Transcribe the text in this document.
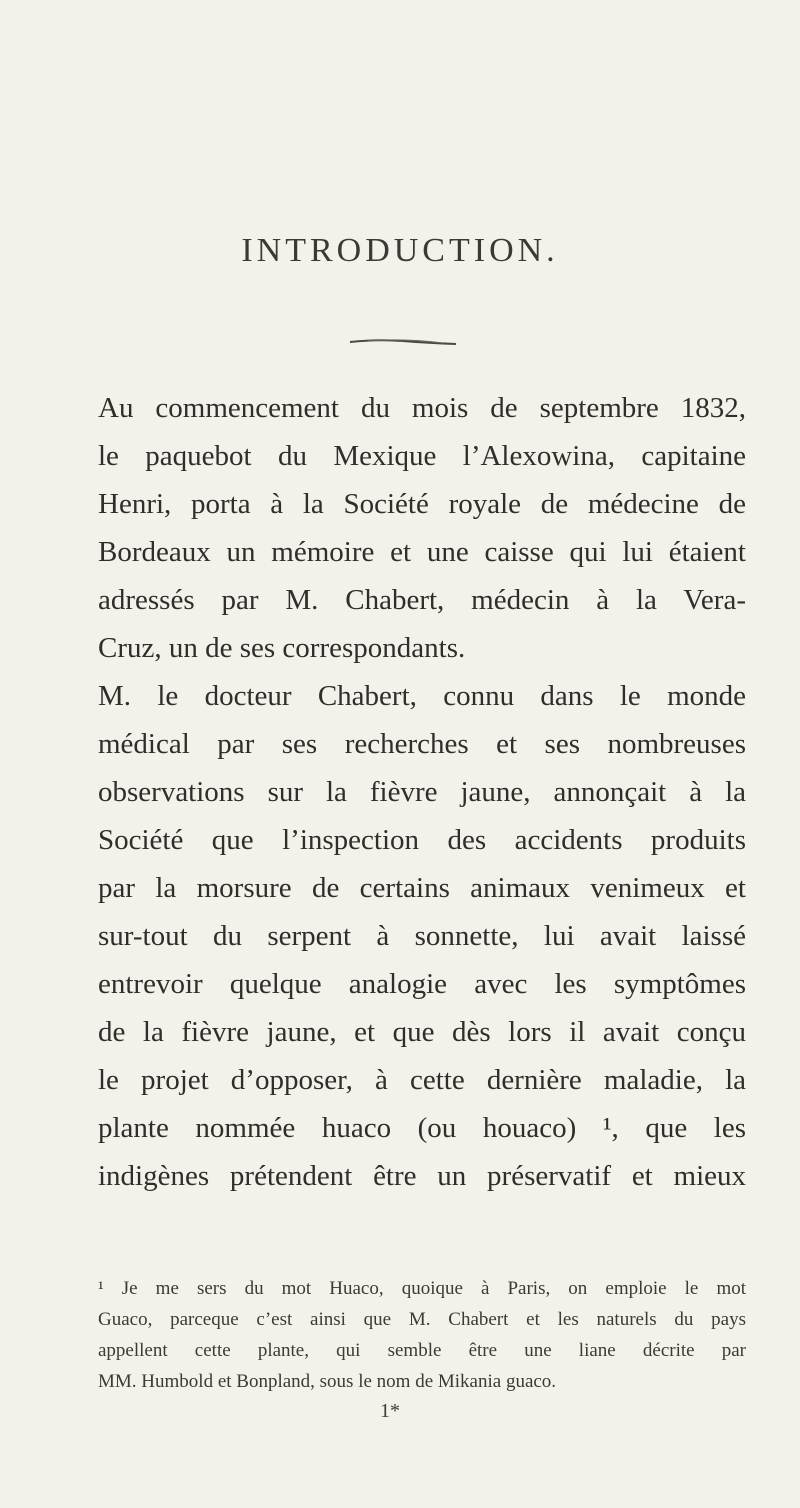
INTRODUCTION.
Au commencement du mois de septembre 1832,
le paquebot du Mexique l’Alexowina, capitaine
Henri, porta à la Société royale de médecine de
Bordeaux un mémoire et une caisse qui lui étaient
adressés par M. Chabert, médecin à la Vera-
Cruz, un de ses correspondants.
M. le docteur Chabert, connu dans le monde
médical par ses recherches et ses nombreuses
observations sur la fièvre jaune, annonçait à la
Société que l’inspection des accidents produits
par la morsure de certains animaux venimeux et
sur-tout du serpent à sonnette, lui avait laissé
entrevoir quelque analogie avec les symptômes
de la fièvre jaune, et que dès lors il avait conçu
le projet d’opposer, à cette dernière maladie, la
plante nommée huaco (ou houaco) ¹, que les
indigènes prétendent être un préservatif et mieux
¹ Je me sers du mot Huaco, quoique à Paris, on emploie le mot
Guaco, parceque c’est ainsi que M. Chabert et les naturels du pays
appellent cette plante, qui semble être une liane décrite par
MM. Humbold et Bonpland, sous le nom de Mikania guaco.
1*
